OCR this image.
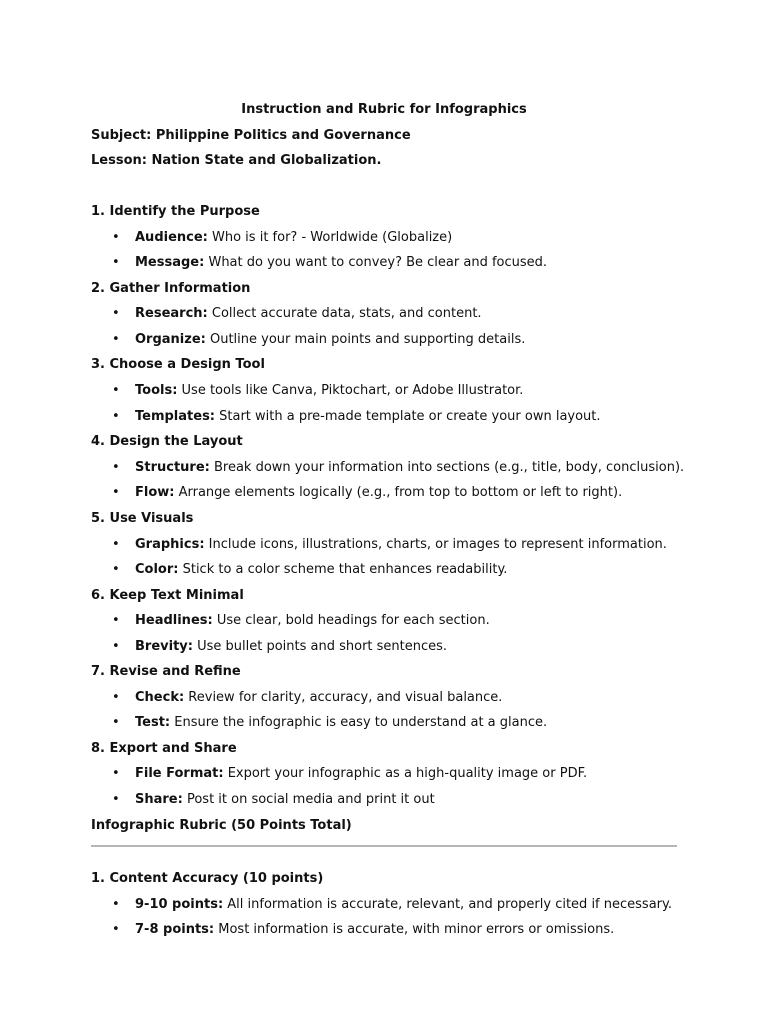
Instruction and Rubric for Infographics
Subject: Philippine Politics and Governance
Lesson: Nation State and Globalization.
1. Identify the Purpose
• Audience: Who is it for? - Worldwide (Globalize)
• Message: What do you want to convey? Be clear and focused.
2. Gather Information
• Research: Collect accurate data, stats, and content.
• Organize: Outline your main points and supporting details.
3. Choose a Design Tool
• Tools: Use tools like Canva, Piktochart, or Adobe Illustrator.
• Templates: Start with a pre-made template or create your own layout.
4. Design the Layout
• Structure: Break down your information into sections (e.g., title, body, conclusion).
• Flow: Arrange elements logically (e.g., from top to bottom or left to right).
5. Use Visuals
• Graphics: Include icons, illustrations, charts, or images to represent information.
• Color: Stick to a color scheme that enhances readability.
6. Keep Text Minimal
• Headlines: Use clear, bold headings for each section.
• Brevity: Use bullet points and short sentences.
7. Revise and Refine
• Check: Review for clarity, accuracy, and visual balance.
• Test: Ensure the infographic is easy to understand at a glance.
8. Export and Share
• File Format: Export your infographic as a high-quality image or PDF.
• Share: Post it on social media and print it out
Infographic Rubric (50 Points Total)
1. Content Accuracy (10 points)
• 9-10 points: All information is accurate, relevant, and properly cited if necessary.
• 7-8 points: Most information is accurate, with minor errors or omissions.
